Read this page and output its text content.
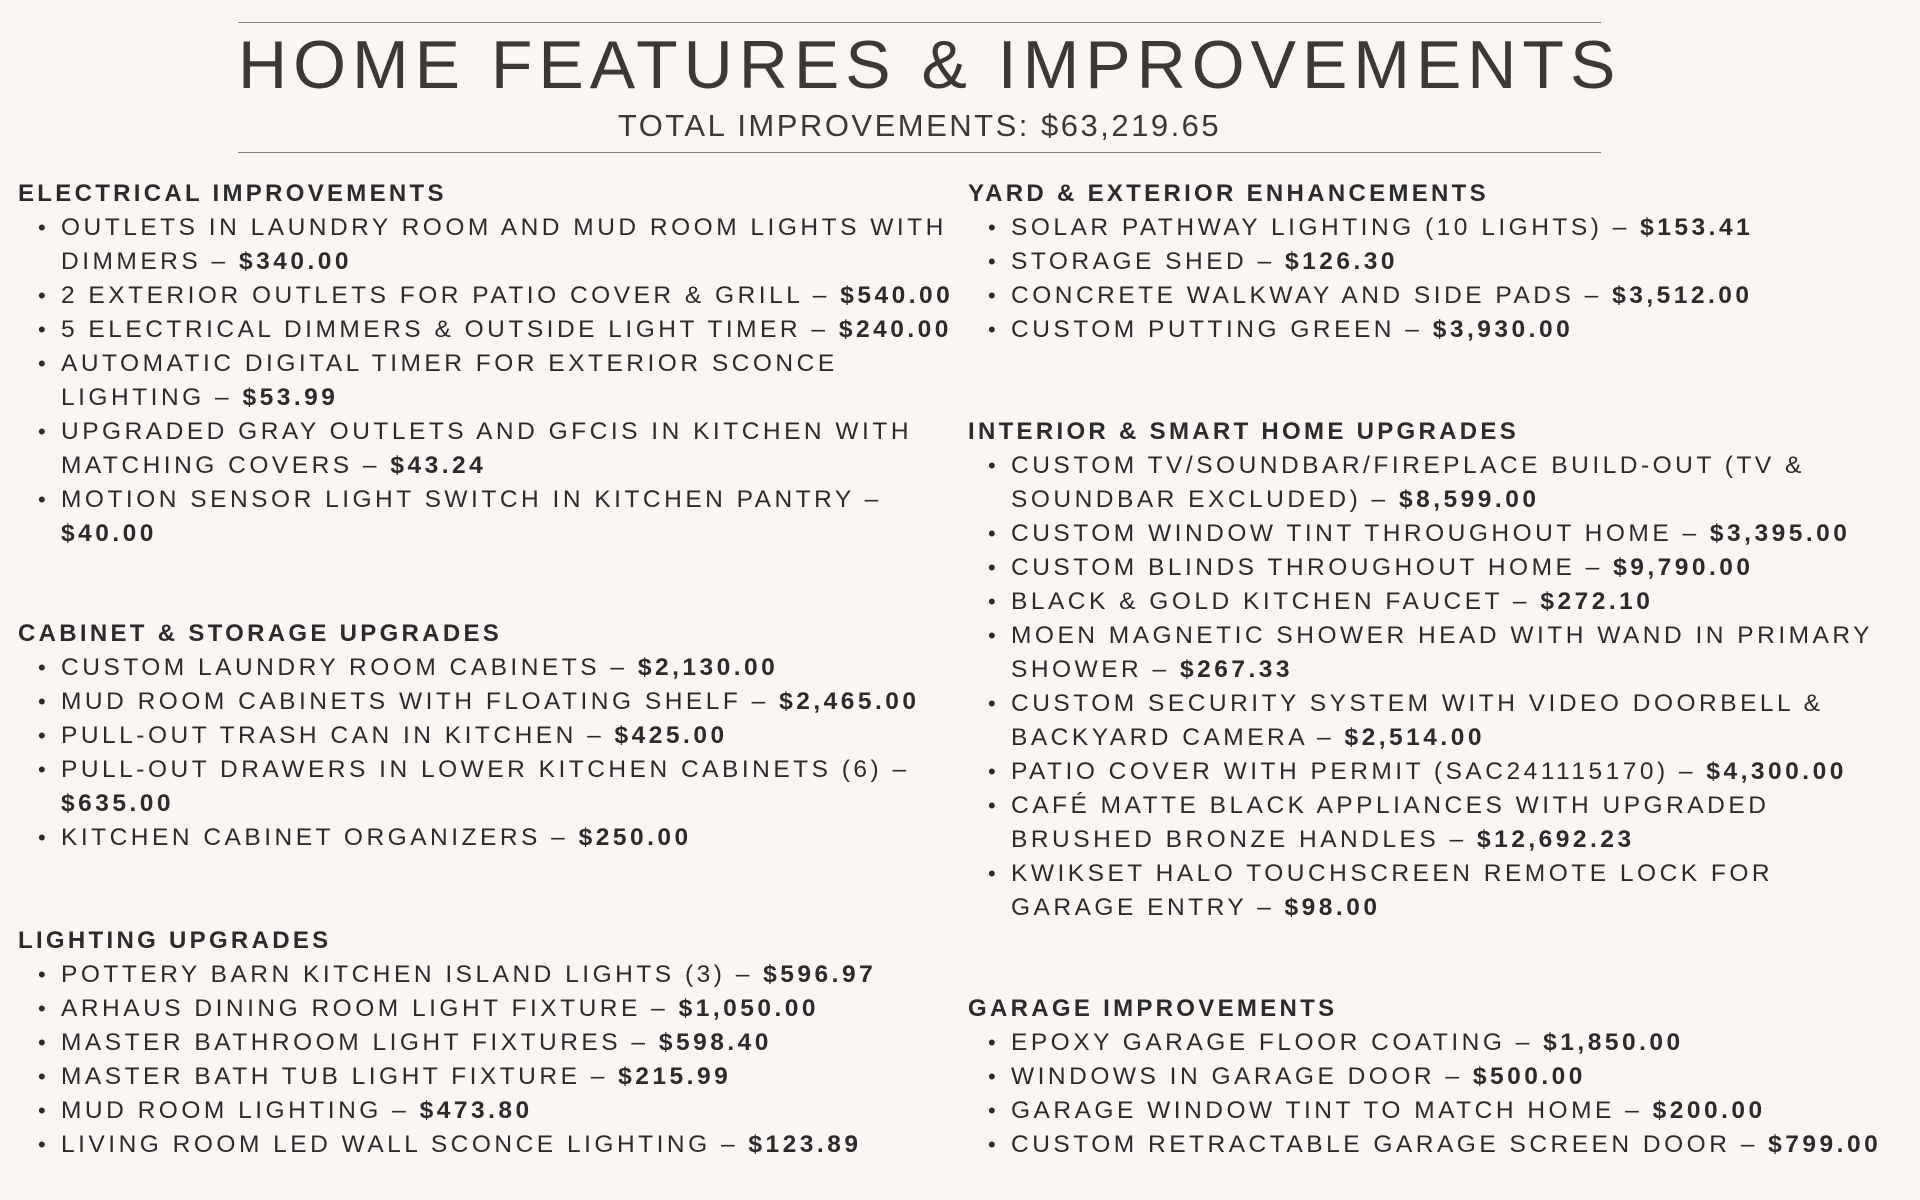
HOME FEATURES & IMPROVEMENTS
TOTAL IMPROVEMENTS: $63,219.65
ELECTRICAL IMPROVEMENTS
• OUTLETS IN LAUNDRY ROOM AND MUD ROOM LIGHTS WITH DIMMERS – $340.00
• 2 EXTERIOR OUTLETS FOR PATIO COVER & GRILL – $540.00
• 5 ELECTRICAL DIMMERS & OUTSIDE LIGHT TIMER – $240.00
• AUTOMATIC DIGITAL TIMER FOR EXTERIOR SCONCE LIGHTING – $53.99
• UPGRADED GRAY OUTLETS AND GFCIS IN KITCHEN WITH MATCHING COVERS – $43.24
• MOTION SENSOR LIGHT SWITCH IN KITCHEN PANTRY – $40.00
CABINET & STORAGE UPGRADES
• CUSTOM LAUNDRY ROOM CABINETS – $2,130.00
• MUD ROOM CABINETS WITH FLOATING SHELF – $2,465.00
• PULL-OUT TRASH CAN IN KITCHEN – $425.00
• PULL-OUT DRAWERS IN LOWER KITCHEN CABINETS (6) – $635.00
• KITCHEN CABINET ORGANIZERS – $250.00
LIGHTING UPGRADES
• POTTERY BARN KITCHEN ISLAND LIGHTS (3) – $596.97
• ARHAUS DINING ROOM LIGHT FIXTURE – $1,050.00
• MASTER BATHROOM LIGHT FIXTURES – $598.40
• MASTER BATH TUB LIGHT FIXTURE – $215.99
• MUD ROOM LIGHTING – $473.80
• LIVING ROOM LED WALL SCONCE LIGHTING – $123.89
YARD & EXTERIOR ENHANCEMENTS
• SOLAR PATHWAY LIGHTING (10 LIGHTS) – $153.41
• STORAGE SHED – $126.30
• CONCRETE WALKWAY AND SIDE PADS – $3,512.00
• CUSTOM PUTTING GREEN – $3,930.00
INTERIOR & SMART HOME UPGRADES
• CUSTOM TV/SOUNDBAR/FIREPLACE BUILD-OUT (TV & SOUNDBAR EXCLUDED) – $8,599.00
• CUSTOM WINDOW TINT THROUGHOUT HOME – $3,395.00
• CUSTOM BLINDS THROUGHOUT HOME – $9,790.00
• BLACK & GOLD KITCHEN FAUCET – $272.10
• MOEN MAGNETIC SHOWER HEAD WITH WAND IN PRIMARY SHOWER – $267.33
• CUSTOM SECURITY SYSTEM WITH VIDEO DOORBELL & BACKYARD CAMERA – $2,514.00
• PATIO COVER WITH PERMIT (SAC241115170) – $4,300.00
• CAFÉ MATTE BLACK APPLIANCES WITH UPGRADED BRUSHED BRONZE HANDLES – $12,692.23
• KWIKSET HALO TOUCHSCREEN REMOTE LOCK FOR GARAGE ENTRY – $98.00
GARAGE IMPROVEMENTS
• EPOXY GARAGE FLOOR COATING – $1,850.00
• WINDOWS IN GARAGE DOOR – $500.00
• GARAGE WINDOW TINT TO MATCH HOME – $200.00
• CUSTOM RETRACTABLE GARAGE SCREEN DOOR – $799.00
